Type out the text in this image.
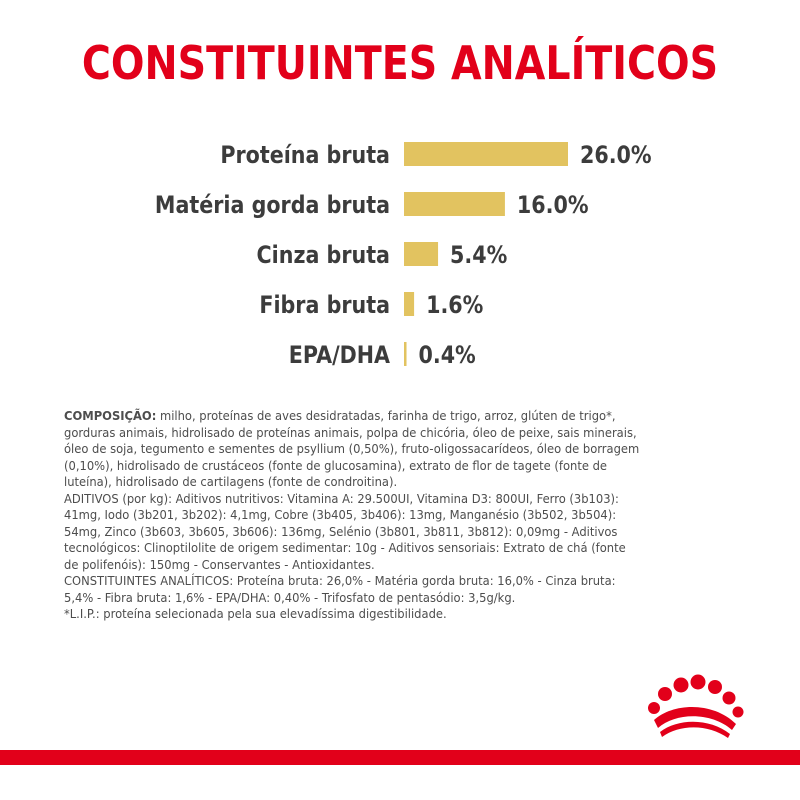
CONSTITUINTES ANALÍTICOS
Proteína bruta	26.0%
Matéria gorda bruta	16.0%
Cinza bruta	5.4%
Fibra bruta 1.6%
EPA/DHA 0.4%

COMPOSIÇÃO: milho, proteínas de aves desidratadas, farinha de trigo, arroz, glúten de trigo*, gorduras animais, hidrolisado de proteínas animais, polpa de chicória, óleo de peixe, sais minerais, óleo de soja, tegumento e sementes de psyllium (0,50%), fruto-oligossacarídeos, óleo de borragem (0,10%), hidrolisado de crustáceos (fonte de glucosamina), extrato de flor de tagete (fonte de luteína), hidrolisado de cartilagens (fonte de condroitina).

ADITIVOS (por kg): Aditivos nutritivos: Vitamina A: 29.500UI, Vitamina D3: 800UI, Ferro (3b103): 41mg, Iodo (3b201, 3b202): 4,1mg, Cobre (3b405, 3b406): 13mg, Manganésio (3b502, 3b504): 54mg, Zinco (3b603, 3b605, 3b606): 136mg, Selénio (3b801, 3b811, 3b812): 0,09mg - Aditivos tecnológicos: Clinoptilolite de origem sedimentar: 10g - Aditivos sensoriais: Extrato de chá (fonte de polifenóis): 150mg - Conservantes - Antioxidantes.

CONSTITUINTES ANALÍTICOS: Proteína bruta: 26,0% - Matéria gorda bruta: 16,0% - Cinza bruta: 5,4% - Fibra bruta: 1,6% - EPA/DHA: 0,40% - Trifosfato de pentasódio: 3,5g/kg.

*L.I.P.: proteína selecionada pela sua elevadíssima digestibilidade.
